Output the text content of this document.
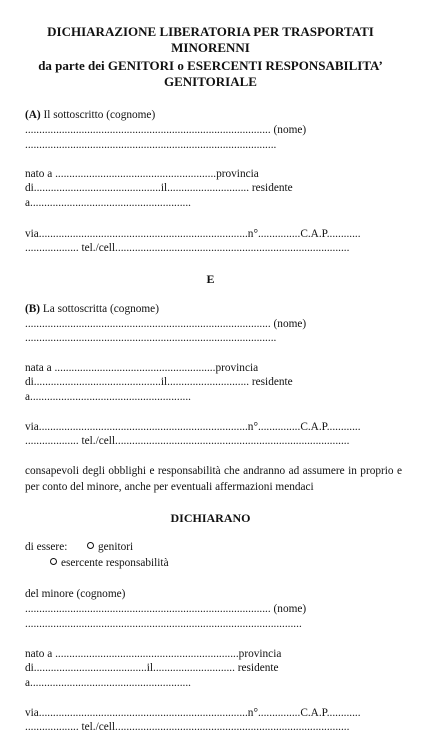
DICHIARAZIONE LIBERATORIA PER TRASPORTATI
MINORENNI
da parte dei GENITORI o ESERCENTI RESPONSABILITA’
GENITORIALE
(A) Il sottoscritto (cognome)
....................................................................................... (nome)
.........................................................................................
nato a .........................................................provincia
di.............................................il............................. residente
a.........................................................
via..........................................................................n°...............C.A.P............
................... tel./cell...................................................................................
E
(B) La sottoscritta (cognome)
....................................................................................... (nome)
.........................................................................................
nata a .........................................................provincia
di.............................................il............................. residente
a.........................................................
via..........................................................................n°...............C.A.P............
................... tel./cell...................................................................................
consapevoli degli obblighi e responsabilità che andranno ad assumere in proprio e per conto del minore, anche per eventuali affermazioni mendaci
DICHIARANO
di essere:	genitori
esercente responsabilità
del minore (cognome)
....................................................................................... (nome)
..................................................................................................
nato a .................................................................provincia
di........................................il............................. residente
a.........................................................
via..........................................................................n°...............C.A.P............
................... tel./cell...................................................................................
